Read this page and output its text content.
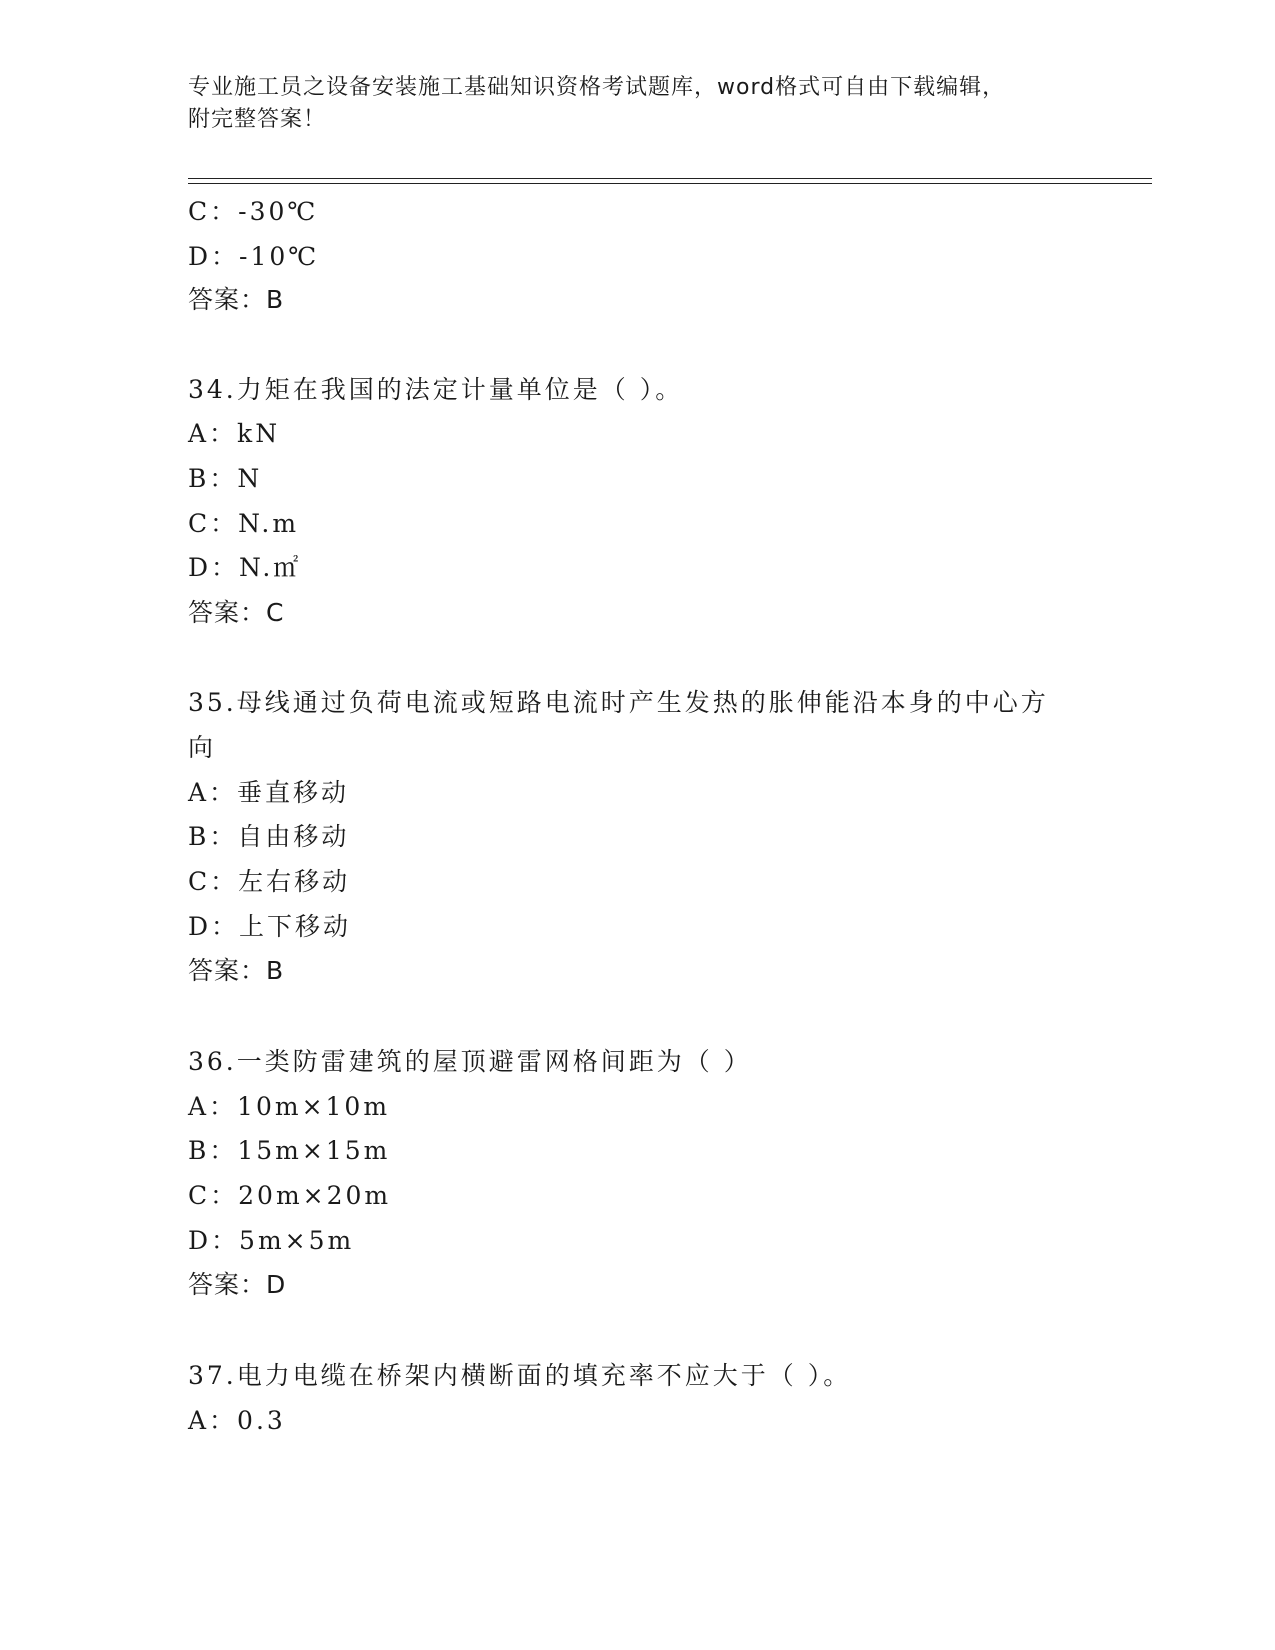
专业施工员之设备安装施工基础知识资格考试题库，word格式可自由下载编辑，
附完整答案！
C：-30℃
D：-10℃
答案：B
34.力矩在我国的法定计量单位是（ ）。
A：kN
B：N
C：N.m
D：N.㎡
答案：C
35.母线通过负荷电流或短路电流时产生发热的胀伸能沿本身的中心方
向
A：垂直移动
B：自由移动
C：左右移动
D：上下移动
答案：B
36.一类防雷建筑的屋顶避雷网格间距为（ ）
A：10m×10m
B：15m×15m
C：20m×20m
D：5m×5m
答案：D
37.电力电缆在桥架内横断面的填充率不应大于（ ）。
A：0.3
